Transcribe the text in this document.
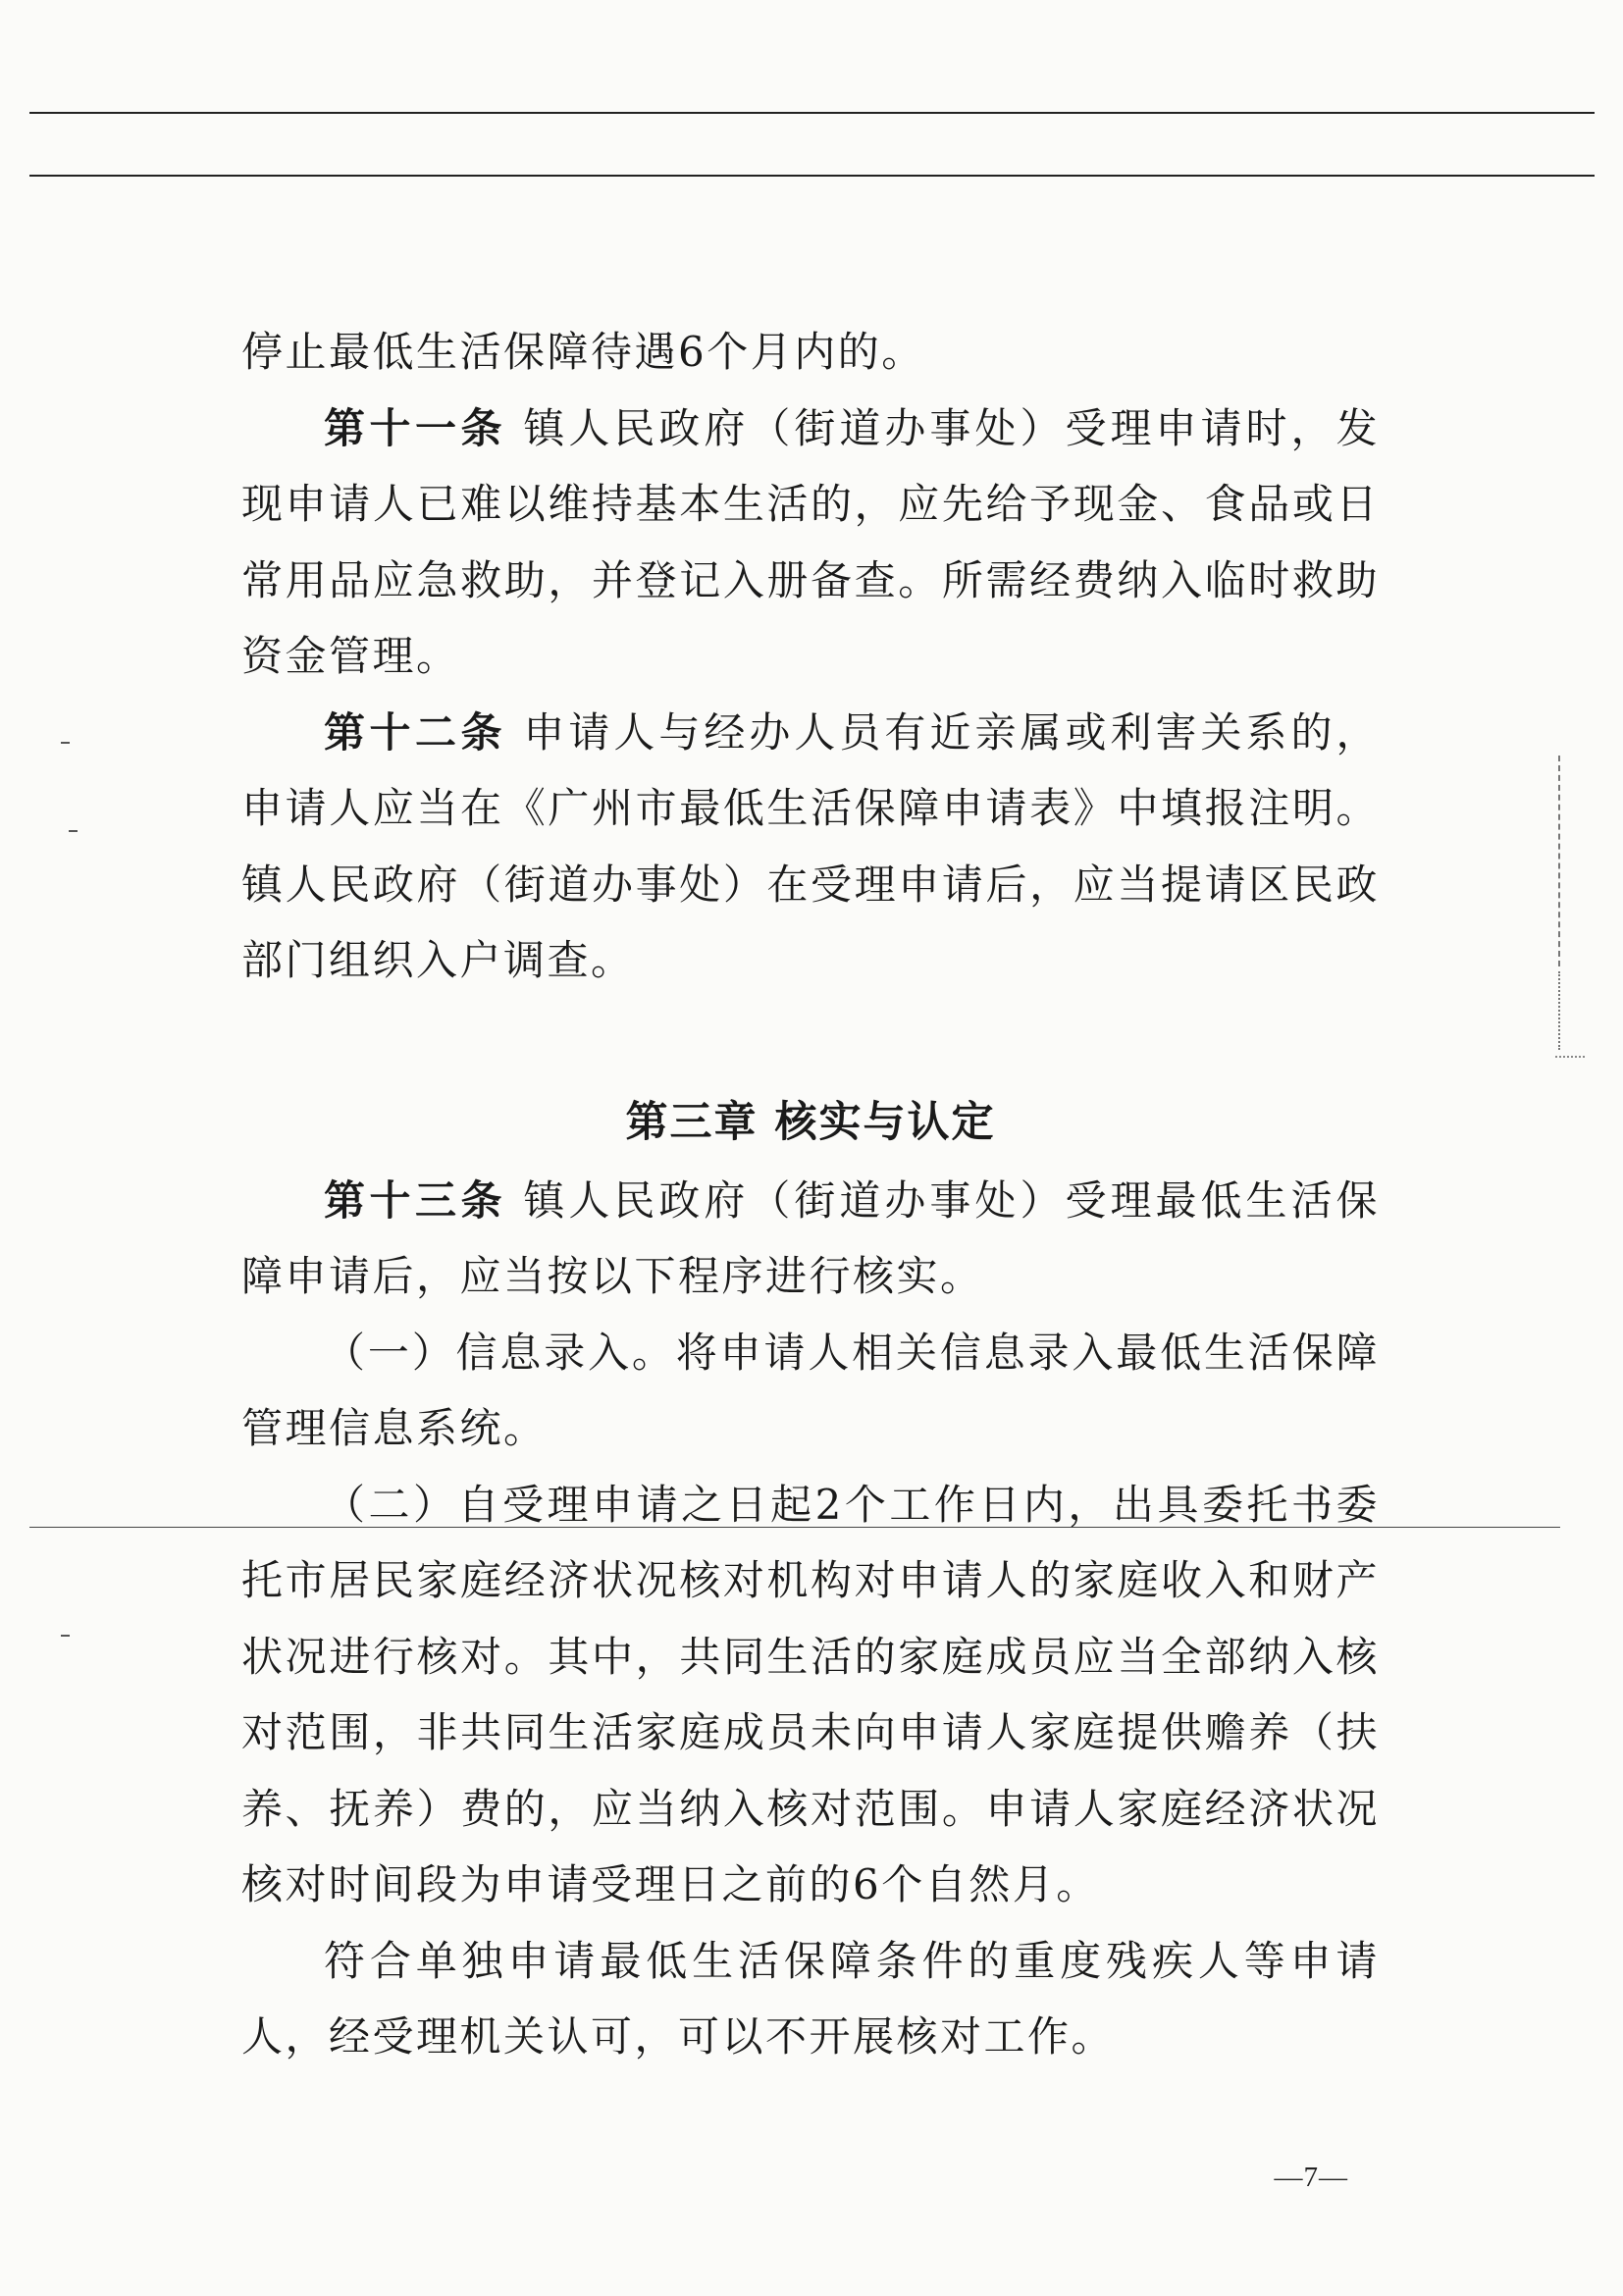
停止最低生活保障待遇6个月内的。

第十一条 镇人民政府（街道办事处）受理申请时，发现申请人已难以维持基本生活的，应先给予现金、食品或日常用品应急救助，并登记入册备查。所需经费纳入临时救助资金管理。

第十二条 申请人与经办人员有近亲属或利害关系的，申请人应当在《广州市最低生活保障申请表》中填报注明。镇人民政府（街道办事处）在受理申请后，应当提请区民政部门组织入户调查。

第三章 核实与认定

第十三条 镇人民政府（街道办事处）受理最低生活保障申请后，应当按以下程序进行核实。

（一）信息录入。将申请人相关信息录入最低生活保障管理信息系统。

（二）自受理申请之日起2个工作日内，出具委托书委托市居民家庭经济状况核对机构对申请人的家庭收入和财产状况进行核对。其中，共同生活的家庭成员应当全部纳入核对范围，非共同生活家庭成员未向申请人家庭提供赡养（扶养、抚养）费的，应当纳入核对范围。申请人家庭经济状况核对时间段为申请受理日之前的6个自然月。

符合单独申请最低生活保障条件的重度残疾人等申请人，经受理机关认可，可以不开展核对工作。

—7—
